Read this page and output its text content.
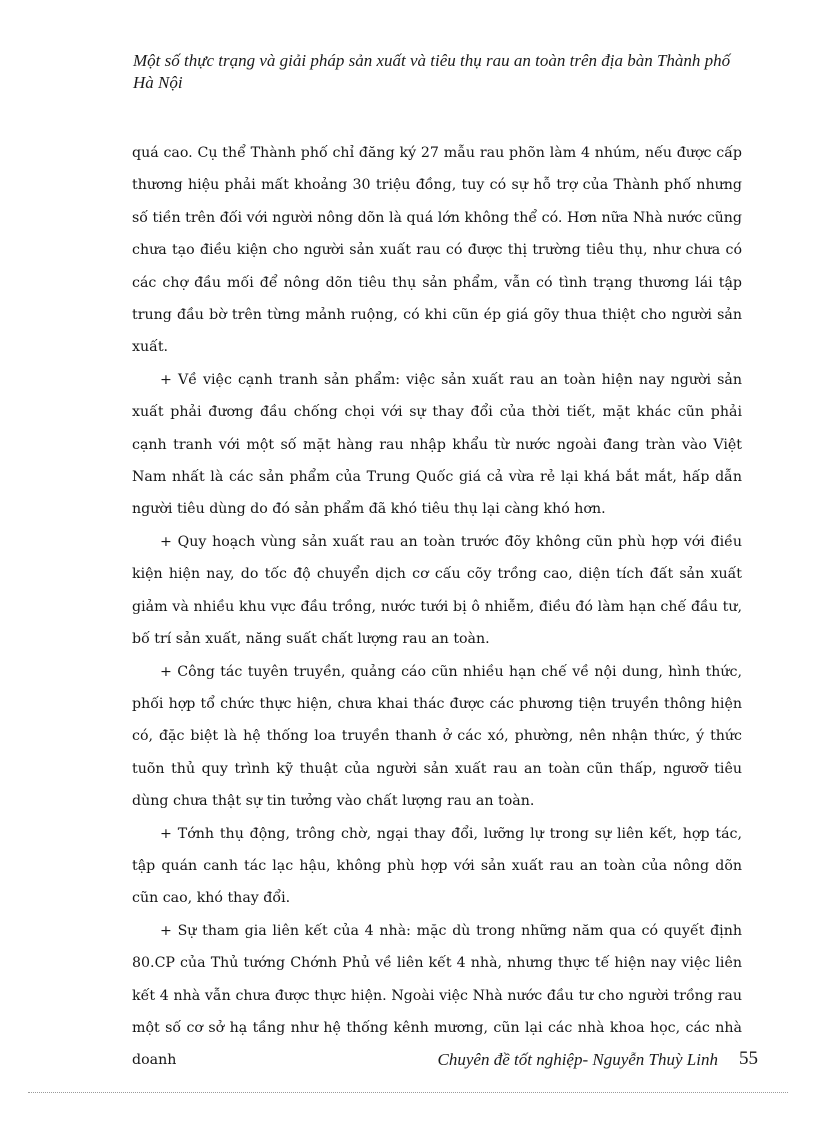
Một số thực trạng và giải pháp sản xuất và tiêu thụ rau an toàn trên địa bàn Thành phố Hà Nội

quá cao. Cụ thể Thành phố chỉ đăng ký 27 mẫu rau phõn làm 4 nhúm, nếu được cấp thương hiệu phải mất khoảng 30 triệu đồng, tuy có sự hỗ trợ của Thành phố nhưng số tiền trên đối với người nông dõn là quá lớn không thể có. Hơn nữa Nhà nước cũng chưa tạo điều kiện cho người sản xuất rau có được thị trường tiêu thụ, như chưa có các chợ đầu mối để nông dõn tiêu thụ sản phẩm, vẫn có tình trạng thương lái tập trung đầu bờ trên từng mảnh ruộng, có khi cũn ép giá gõy thua thiệt cho người sản xuất.

+ Về việc cạnh tranh sản phẩm: việc sản xuất rau an toàn hiện nay người sản xuất phải đương đầu chống chọi với sự thay đổi của thời tiết, mặt khác cũn phải cạnh tranh với một số mặt hàng rau nhập khẩu từ nước ngoài đang tràn vào Việt Nam nhất là các sản phẩm của Trung Quốc giá cả vừa rẻ lại khá bắt mắt, hấp dẫn người tiêu dùng do đó sản phẩm đã khó tiêu thụ lại càng khó hơn.

+ Quy hoạch vùng sản xuất rau an toàn trước đõy không cũn phù hợp với điều kiện hiện nay, do tốc độ chuyển dịch cơ cấu cõy trồng cao, diện tích đất sản xuất giảm và nhiều khu vực đầu trồng, nước tưới bị ô nhiễm, điều đó làm hạn chế đầu tư, bố trí sản xuất, năng suất chất lượng rau an toàn.

+ Công tác tuyên truyền, quảng cáo cũn nhiều hạn chế về nội dung, hình thức, phối hợp tổ chức thực hiện, chưa khai thác được các phương tiện truyền thông hiện có, đặc biệt là hệ thống loa truyền thanh ở các xó, phường, nên nhận thức, ý thức tuõn thủ quy trình kỹ thuật của người sản xuất rau an toàn cũn thấp, ngươỡ tiêu dùng chưa thật sự tin tưởng vào chất lượng rau an toàn.

+ Tớnh thụ động, trông chờ, ngại thay đổi, lưỡng lự trong sự liên kết, hợp tác, tập quán canh tác lạc hậu, không phù hợp với sản xuất rau an toàn của nông dõn cũn cao, khó thay đổi.

+ Sự tham gia liên kết của 4 nhà: mặc dù trong những năm qua có quyết định 80.CP của Thủ tướng Chớnh Phủ về liên kết 4 nhà, nhưng thực tế hiện nay việc liên kết 4 nhà vẫn chưa được thực hiện. Ngoài việc Nhà nước đầu tư cho người trồng rau một số cơ sở hạ tầng như hệ thống kênh mương, cũn lại các nhà khoa học, các nhà doanh	Chuyên đề tốt nghiệp- Nguyễn Thuỳ Linh 55
